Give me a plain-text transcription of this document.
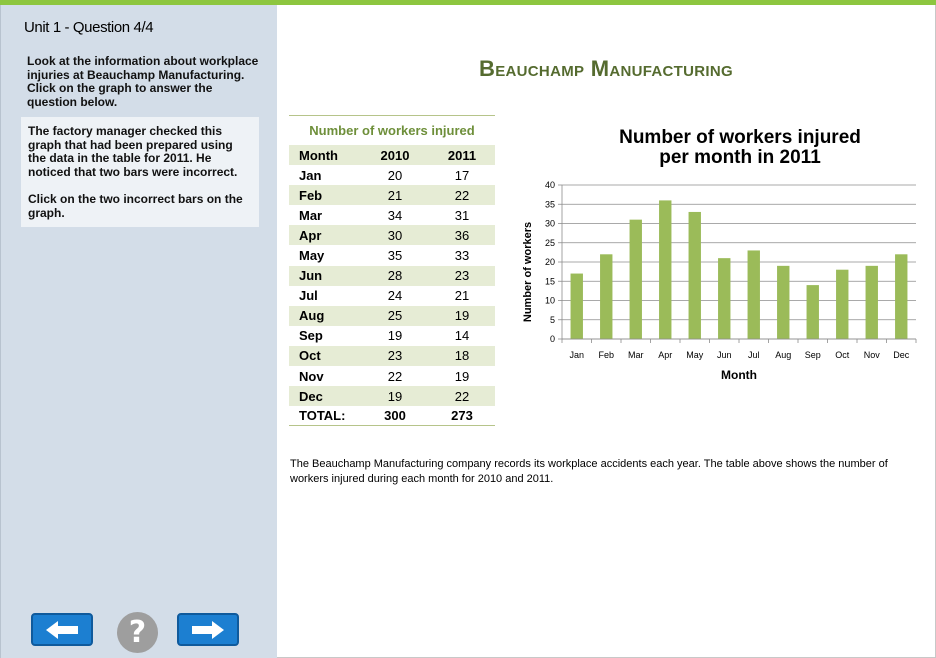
Unit 1 - Question 4/4
Look at the information about workplace injuries at Beauchamp Manufacturing. Click on the graph to answer the question below.

The factory manager checked this graph that had been prepared using the data in the table for 2011. He noticed that two bars were incorrect.

Click on the two incorrect bars on the graph.

?
Beauchamp Manufacturing
Number of workers injured
Month	2010	2011
Jan	20	17
Feb	21	22
Mar	34	31
Apr	30	36
May	35	33
Jun	28	23
Jul	24	21
Aug	25	19
Sep	19	14
Oct	23	18
Nov	22	19
Dec	19	22
TOTAL:	300	273
Number of workers injured
per month in 2011
0
5
10
15
20
25
30
35
40
Jan Feb Mar Apr May Jun Jul Aug Sep Oct Nov Dec
Month
Number of workers
The Beauchamp Manufacturing company records its workplace accidents each year. The table above shows the number of workers injured during each month for 2010 and 2011.
